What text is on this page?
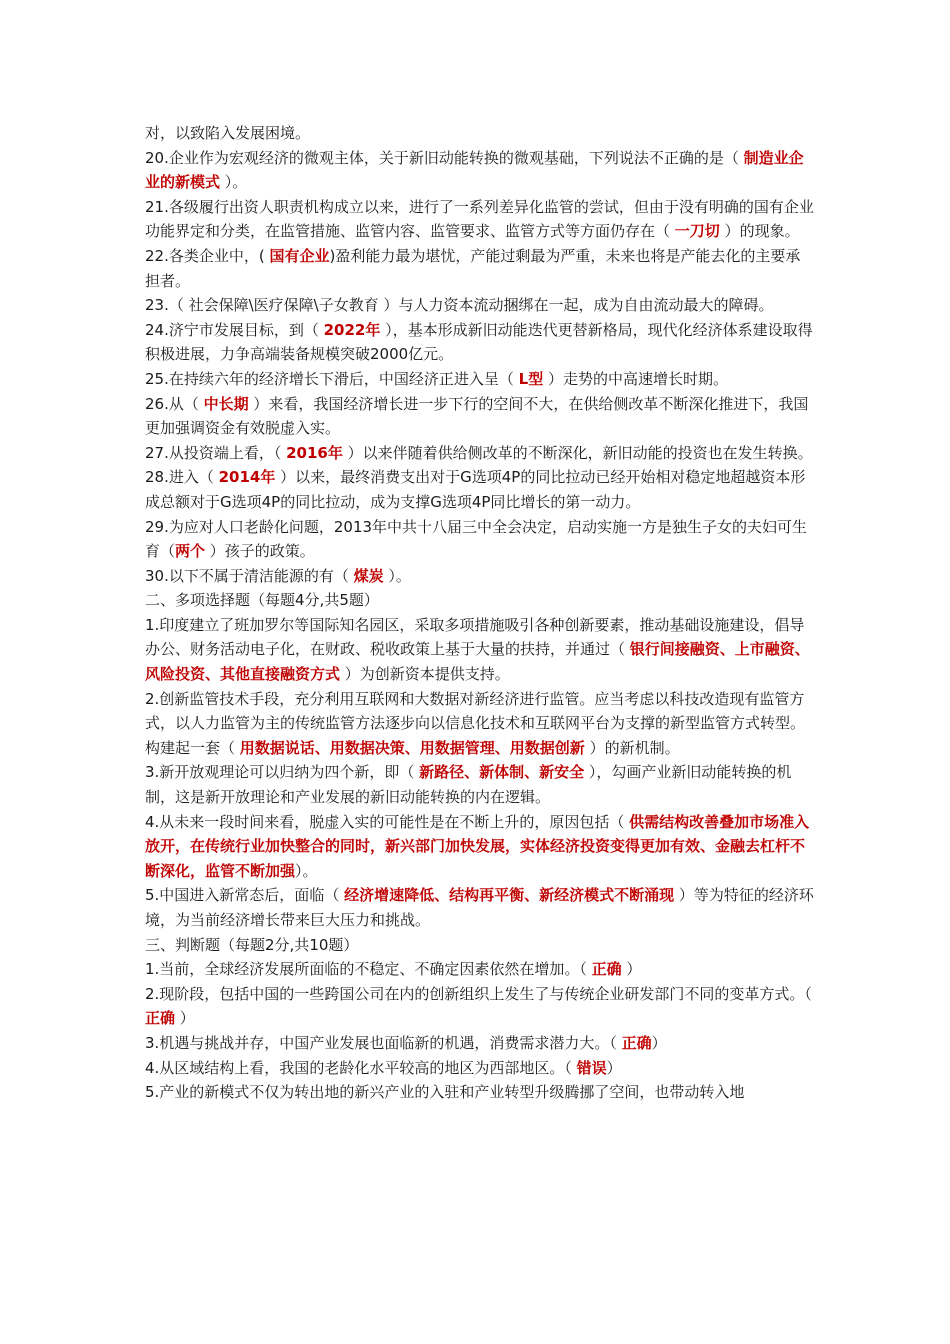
对，以致陷入发展困境。

20.企业作为宏观经济的微观主体，关于新旧动能转换的微观基础，下列说法不正确的是（ 制造业企业的新模式 ）。

21.各级履行出资人职责机构成立以来，进行了一系列差异化监管的尝试，但由于没有明确的国有企业功能界定和分类，在监管措施、监管内容、监管要求、监管方式等方面仍存在（ 一刀切 ）的现象。

22.各类企业中，( 国有企业)盈利能力最为堪忧，产能过剩最为严重，未来也将是产能去化的主要承担者。

23.（ 社会保障\医疗保障\子女教育 ）与人力资本流动捆绑在一起，成为自由流动最大的障碍。

24.济宁市发展目标，到（ 2022年 ），基本形成新旧动能迭代更替新格局，现代化经济体系建设取得积极进展，力争高端装备规模突破2000亿元。

25.在持续六年的经济增长下滑后，中国经济正进入呈（ L型 ）走势的中高速增长时期。

26.从（ 中长期 ）来看，我国经济增长进一步下行的空间不大，在供给侧改革不断深化推进下，我国更加强调资金有效脱虚入实。

27.从投资端上看，（ 2016年 ）以来伴随着供给侧改革的不断深化，新旧动能的投资也在发生转换。

28.进入（ 2014年 ）以来，最终消费支出对于G选项4P的同比拉动已经开始相对稳定地超越资本形成总额对于G选项4P的同比拉动，成为支撑G选项4P同比增长的第一动力。

29.为应对人口老龄化问题，2013年中共十八届三中全会决定，启动实施一方是独生子女的夫妇可生育（两个 ）孩子的政策。

30.以下不属于清洁能源的有（ 煤炭 ）。

二、多项选择题（每题4分,共5题）

1.印度建立了班加罗尔等国际知名园区，采取多项措施吸引各种创新要素，推动基础设施建设，倡导办公、财务活动电子化，在财政、税收政策上基于大量的扶持，并通过（ 银行间接融资、上市融资、风险投资、其他直接融资方式 ）为创新资本提供支持。

2.创新监管技术手段，充分利用互联网和大数据对新经济进行监管。应当考虑以科技改造现有监管方式，以人力监管为主的传统监管方法逐步向以信息化技术和互联网平台为支撑的新型监管方式转型。构建起一套（ 用数据说话、用数据决策、用数据管理、用数据创新 ）的新机制。

3.新开放观理论可以归纳为四个新，即（ 新路径、新体制、新安全 ），勾画产业新旧动能转换的机制，这是新开放理论和产业发展的新旧动能转换的内在逻辑。

4.从未来一段时间来看，脱虚入实的可能性是在不断上升的，原因包括（ 供需结构改善叠加市场准入放开，在传统行业加快整合的同时，新兴部门加快发展，实体经济投资变得更加有效、金融去杠杆不断深化，监管不断加强）。

5.中国进入新常态后，面临（ 经济增速降低、结构再平衡、新经济模式不断涌现 ）等为特征的经济环境，为当前经济增长带来巨大压力和挑战。

三、判断题（每题2分,共10题）

1.当前，全球经济发展所面临的不稳定、不确定因素依然在增加。（ 正确 ）

2.现阶段，包括中国的一些跨国公司在内的创新组织上发生了与传统企业研发部门不同的变革方式。（ 正确 ）

3.机遇与挑战并存，中国产业发展也面临新的机遇，消费需求潜力大。（ 正确）

4.从区域结构上看，我国的老龄化水平较高的地区为西部地区。（ 错误）

5.产业的新模式不仅为转出地的新兴产业的入驻和产业转型升级腾挪了空间，也带动转入地
